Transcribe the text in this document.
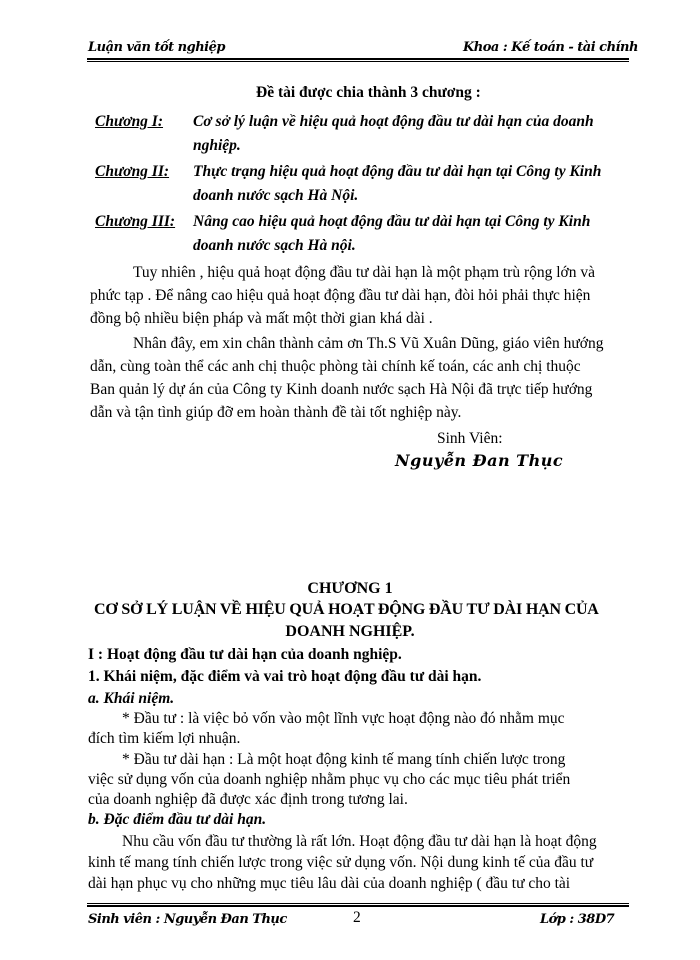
Luận văn tốt nghiệp	Khoa : Kế toán - tài chính
Đề tài được chia thành 3 chương :
Chương I: Cơ sở lý luận về hiệu quả hoạt động đầu tư dài hạn của doanh
nghiệp.
Chương II: Thực trạng hiệu quả hoạt động đầu tư dài hạn tại Công ty Kinh
doanh nước sạch Hà Nội.
Chương III: Nâng cao hiệu quả hoạt động đầu tư dài hạn tại Công ty Kinh
doanh nước sạch Hà nội.
Tuy nhiên , hiệu quả hoạt động đầu tư dài hạn là một phạm trù rộng lớn và
phức tạp . Để nâng cao hiệu quả hoạt động đầu tư dài hạn, đòi hỏi phải thực hiện
đồng bộ nhiều biện pháp và mất một thời gian khá dài .
Nhân đây, em xin chân thành cảm ơn Th.S Vũ Xuân Dũng, giáo viên hướng
dẫn, cùng toàn thể các anh chị thuộc phòng tài chính kế toán, các anh chị thuộc
Ban quản lý dự án của Công ty Kinh doanh nước sạch Hà Nội đã trực tiếp hướng
dẫn và tận tình giúp đỡ em hoàn thành đề tài tốt nghiệp này.
Sinh Viên:
Nguyễn Đan Thục
CHƯƠNG 1
CƠ SỞ LÝ LUẬN VỀ HIỆU QUẢ HOẠT ĐỘNG ĐẦU TƯ DÀI HẠN CỦA
DOANH NGHIỆP.
I : Hoạt động đầu tư dài hạn của doanh nghiệp.
1. Khái niệm, đặc điểm và vai trò hoạt động đầu tư dài hạn.
a. Khái niệm.
* Đầu tư : là việc bỏ vốn vào một lĩnh vực hoạt động nào đó nhằm mục
đích tìm kiếm lợi nhuận.
* Đầu tư dài hạn : Là một hoạt động kinh tế mang tính chiến lược trong
việc sử dụng vốn của doanh nghiệp nhằm phục vụ cho các mục tiêu phát triển
của doanh nghiệp đã được xác định trong tương lai.
b. Đặc điểm đầu tư dài hạn.
Nhu cầu vốn đầu tư thường là rất lớn. Hoạt động đầu tư dài hạn là hoạt động
kinh tế mang tính chiến lược trong việc sử dụng vốn. Nội dung kinh tế của đầu tư
dài hạn phục vụ cho những mục tiêu lâu dài của doanh nghiệp ( đầu tư cho tài
Sinh viên : Nguyễn Đan Thục	2	Lớp : 38D7
